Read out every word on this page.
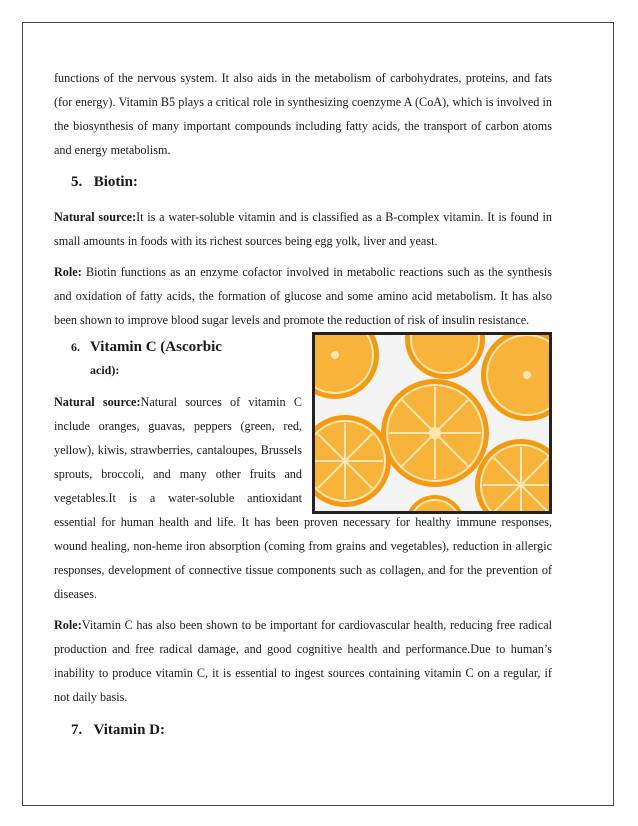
functions of the nervous system. It also aids in the metabolism of carbohydrates, proteins, and fats (for energy). Vitamin B5 plays a critical role in synthesizing coenzyme A (CoA), which is involved in the biosynthesis of many important compounds including fatty acids, the transport of carbon atoms and energy metabolism.

5. Biotin:

Natural source:It is a water-soluble vitamin and is classified as a B-complex vitamin. It is found in small amounts in foods with its richest sources being egg yolk, liver and yeast.

Role: Biotin functions as an enzyme cofactor involved in metabolic reactions such as the synthesis and oxidation of fatty acids, the formation of glucose and some amino acid metabolism. It has also been shown to improve blood sugar levels and promote the reduction of risk of insulin resistance.

6. Vitamin C (Ascorbic
acid):

Natural source:Natural sources of vitamin C include oranges, guavas, peppers (green, red, yellow), kiwis, strawberries, cantaloupes, Brussels sprouts, broccoli, and many other fruits and vegetables.It is a water-soluble antioxidant essential for human health and life. It has been proven necessary for healthy immune responses, wound healing, non-heme iron absorption (coming from grains and vegetables), reduction in allergic responses, development of connective tissue components such as collagen, and for the prevention of diseases.

Role:Vitamin C has also been shown to be important for cardiovascular health, reducing free radical production and free radical damage, and good cognitive health and performance.Due to human’s inability to produce vitamin C, it is essential to ingest sources containing vitamin C on a regular, if not daily basis.

7. Vitamin D:
